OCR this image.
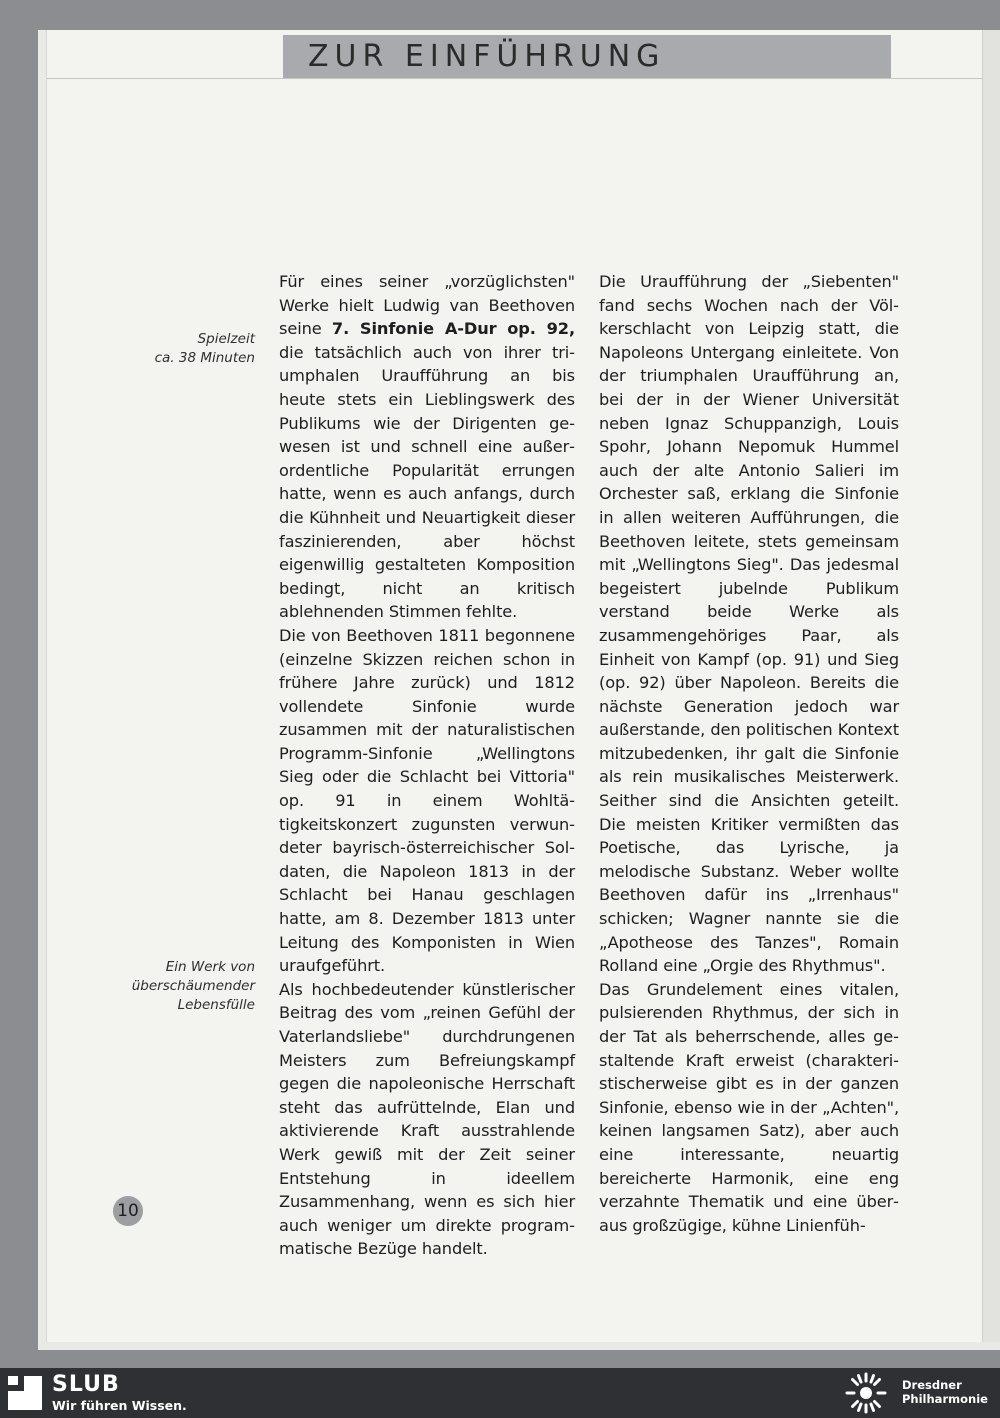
ZUR EINFÜHRUNG
Spielzeit
ca. 38 Minuten
Ein Werk von
überschäumender
Lebensfülle

Für eines seiner „vorzüglichsten" Werke hielt Ludwig van Beethoven seine 7. Sinfonie A-Dur op. 92, die tatsächlich auch von ihrer triumphalen Uraufführung an bis heute stets ein Lieblingswerk des Publikums wie der Dirigenten gewesen ist und schnell eine außerordentliche Popularität errungen hatte, wenn es auch anfangs, durch die Kühnheit und Neuartigkeit dieser faszinierenden, aber höchst eigenwillig gestalteten Komposition bedingt, nicht an kritisch ablehnenden Stimmen fehlte.

Die von Beethoven 1811 begonnene (einzelne Skizzen reichen schon in frühere Jahre zurück) und 1812 vollendete Sinfonie wurde zusammen mit der naturalistischen Programm-Sinfonie „Wellingtons Sieg oder die Schlacht bei Vittoria" op. 91 in einem Wohltätigkeitskonzert zugunsten verwundeter bayrisch-österreichischer Soldaten, die Napoleon 1813 in der Schlacht bei Hanau geschlagen hatte, am 8. Dezember 1813 unter Leitung des Komponisten in Wien uraufgeführt.

Als hochbedeutender künstlerischer Beitrag des vom „reinen Gefühl der Vaterlandsliebe" durchdrungenen Meisters zum Befreiungskampf gegen die napoleonische Herrschaft steht das aufrüttelnde, Elan und aktivierende Kraft ausstrahlende Werk gewiß mit der Zeit seiner Entstehung in ideellem Zusammenhang, wenn es sich hier auch weniger um direkte programmatische Bezüge handelt.

Die Uraufführung der „Siebenten" fand sechs Wochen nach der Völkerschlacht von Leipzig statt, die Napoleons Untergang einleitete. Von der triumphalen Uraufführung an, bei der in der Wiener Universität neben Ignaz Schuppanzigh, Louis Spohr, Johann Nepomuk Hummel auch der alte Antonio Salieri im Orchester saß, erklang die Sinfonie in allen weiteren Aufführungen, die Beethoven leitete, stets gemeinsam mit „Wellingtons Sieg". Das jedesmal begeistert jubelnde Publikum verstand beide Werke als zusammengehöriges Paar, als Einheit von Kampf (op. 91) und Sieg (op. 92) über Napoleon. Bereits die nächste Generation jedoch war außerstande, den politischen Kontext mitzubedenken, ihr galt die Sinfonie als rein musikalisches Meisterwerk. Seither sind die Ansichten geteilt. Die meisten Kritiker vermißten das Poetische, das Lyrische, ja melodische Substanz. Weber wollte Beethoven dafür ins „Irrenhaus" schicken; Wagner nannte sie die „Apotheose des Tanzes", Romain Rolland eine „Orgie des Rhythmus".

Das Grundelement eines vitalen, pulsierenden Rhythmus, der sich in der Tat als beherrschende, alles gestaltende Kraft erweist (charakteristischerweise gibt es in der ganzen Sinfonie, ebenso wie in der „Achten", keinen langsamen Satz), aber auch eine interessante, neuartig bereicherte Harmonik, eine eng verzahnte Thematik und eine überaus großzügige, kühne Linienfüh-

10
SLUB
Wir führen Wissen.
Dresdner
Philharmonie
